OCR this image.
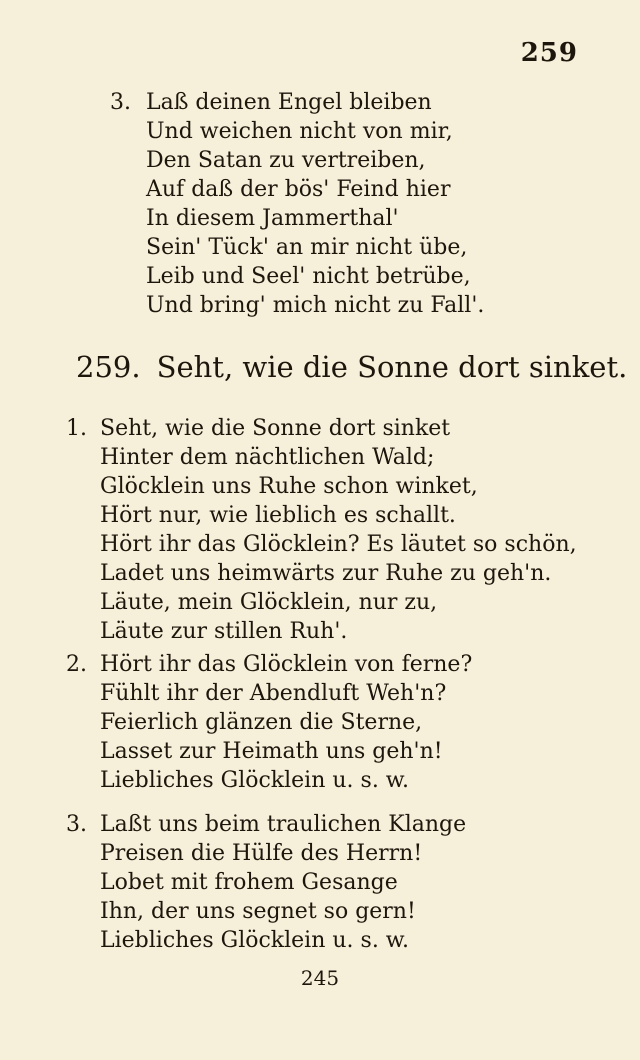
259
3. Laß deinen Engel bleiben
Und weichen nicht von mir,
Den Satan zu vertreiben,
Auf daß der bös' Feind hier
In diesem Jammerthal'
Sein' Tück' an mir nicht übe,
Leib und Seel' nicht betrübe,
Und bring' mich nicht zu Fall'.
259. Seht, wie die Sonne dort sinket.
1. Seht, wie die Sonne dort sinket
Hinter dem nächtlichen Wald;
Glöcklein uns Ruhe schon winket,
Hört nur, wie lieblich es schallt.
Hört ihr das Glöcklein? Es läutet so schön,
Ladet uns heimwärts zur Ruhe zu geh'n.
Läute, mein Glöcklein, nur zu,
Läute zur stillen Ruh'.
2. Hört ihr das Glöcklein von ferne?
Fühlt ihr der Abendluft Weh'n?
Feierlich glänzen die Sterne,
Lasset zur Heimath uns geh'n!
Liebliches Glöcklein u. s. w.
3. Laßt uns beim traulichen Klange
Preisen die Hülfe des Herrn!
Lobet mit frohem Gesange
Ihn, der uns segnet so gern!
Liebliches Glöcklein u. s. w.
245
